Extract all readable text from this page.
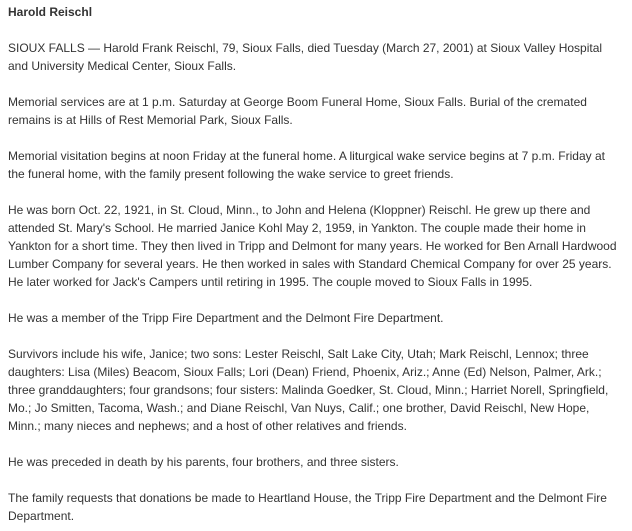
Harold Reischl

SIOUX FALLS — Harold Frank Reischl, 79, Sioux Falls, died Tuesday (March 27, 2001) at Sioux Valley Hospital and University Medical Center, Sioux Falls.

Memorial services are at 1 p.m. Saturday at George Boom Funeral Home, Sioux Falls. Burial of the cremated remains is at Hills of Rest Memorial Park, Sioux Falls.

Memorial visitation begins at noon Friday at the funeral home. A liturgical wake service begins at 7 p.m. Friday at the funeral home, with the family present following the wake service to greet friends.

He was born Oct. 22, 1921, in St. Cloud, Minn., to John and Helena (Kloppner) Reischl. He grew up there and attended St. Mary's School. He married Janice Kohl May 2, 1959, in Yankton. The couple made their home in Yankton for a short time. They then lived in Tripp and Delmont for many years. He worked for Ben Arnall Hardwood Lumber Company for several years. He then worked in sales with Standard Chemical Company for over 25 years. He later worked for Jack's Campers until retiring in 1995. The couple moved to Sioux Falls in 1995.

He was a member of the Tripp Fire Department and the Delmont Fire Department.

Survivors include his wife, Janice; two sons: Lester Reischl, Salt Lake City, Utah; Mark Reischl, Lennox; three daughters: Lisa (Miles) Beacom, Sioux Falls; Lori (Dean) Friend, Phoenix, Ariz.; Anne (Ed) Nelson, Palmer, Ark.; three granddaughters; four grandsons; four sisters: Malinda Goedker, St. Cloud, Minn.; Harriet Norell, Springfield, Mo.; Jo Smitten, Tacoma, Wash.; and Diane Reischl, Van Nuys, Calif.; one brother, David Reischl, New Hope, Minn.; many nieces and nephews; and a host of other relatives and friends.

He was preceded in death by his parents, four brothers, and three sisters.

The family requests that donations be made to Heartland House, the Tripp Fire Department and the Delmont Fire Department.
